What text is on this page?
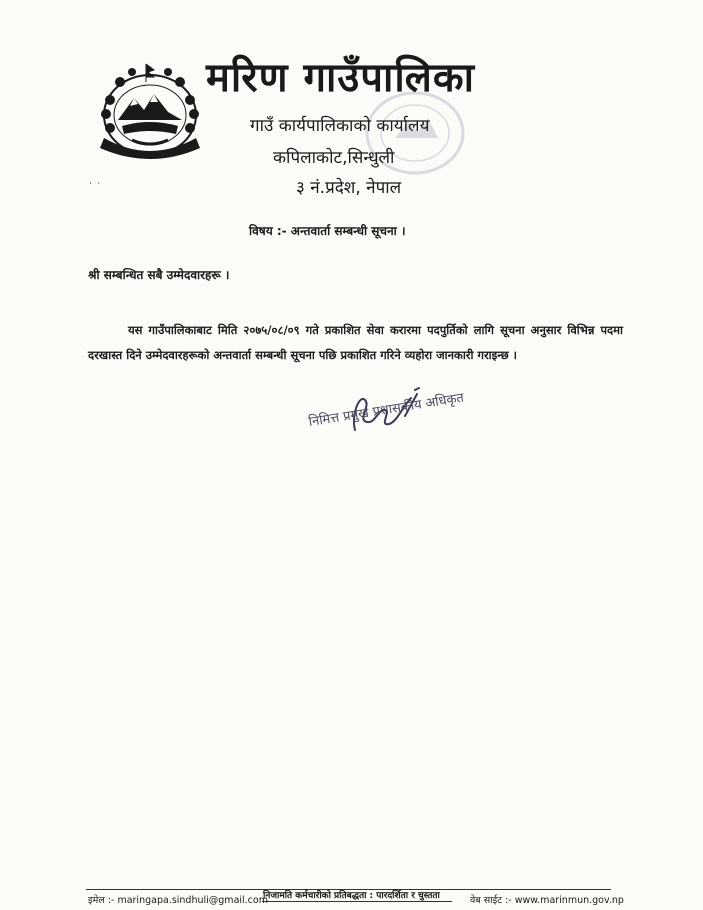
मरिण गाउँपालिका
गाउँ कार्यपालिकाको कार्यालय
कपिलाकोट,सिन्धुली
३ नं.प्रदेश, नेपाल
˙ ˙
विषय :- अन्तवार्ता सम्बन्धी सूचना ।
श्री सम्बन्धित सबै उम्मेदवारहरू ।
यस गाउँपालिकाबाट मिति २०७५/०८/०९ गते प्रकाशित सेवा करारमा पदपुर्तिको लागि सूचना अनुसार विभिन्न पदमा दरखास्त दिने उम्मेदवारहरूको अन्तवार्ता सम्बन्धी सूचना पछि प्रकाशित गरिने व्यहोरा जानकारी गराइन्छ ।
निमित्त प्रमुख प्रशासकीय अधिकृत
इमेल :- maringapa.sindhuli@gmail.com
निजामति कर्मचारीको प्रतिबद्धता : पारदर्शिता र चुस्तता	वेब साईट :- www.marinmun.gov.np
